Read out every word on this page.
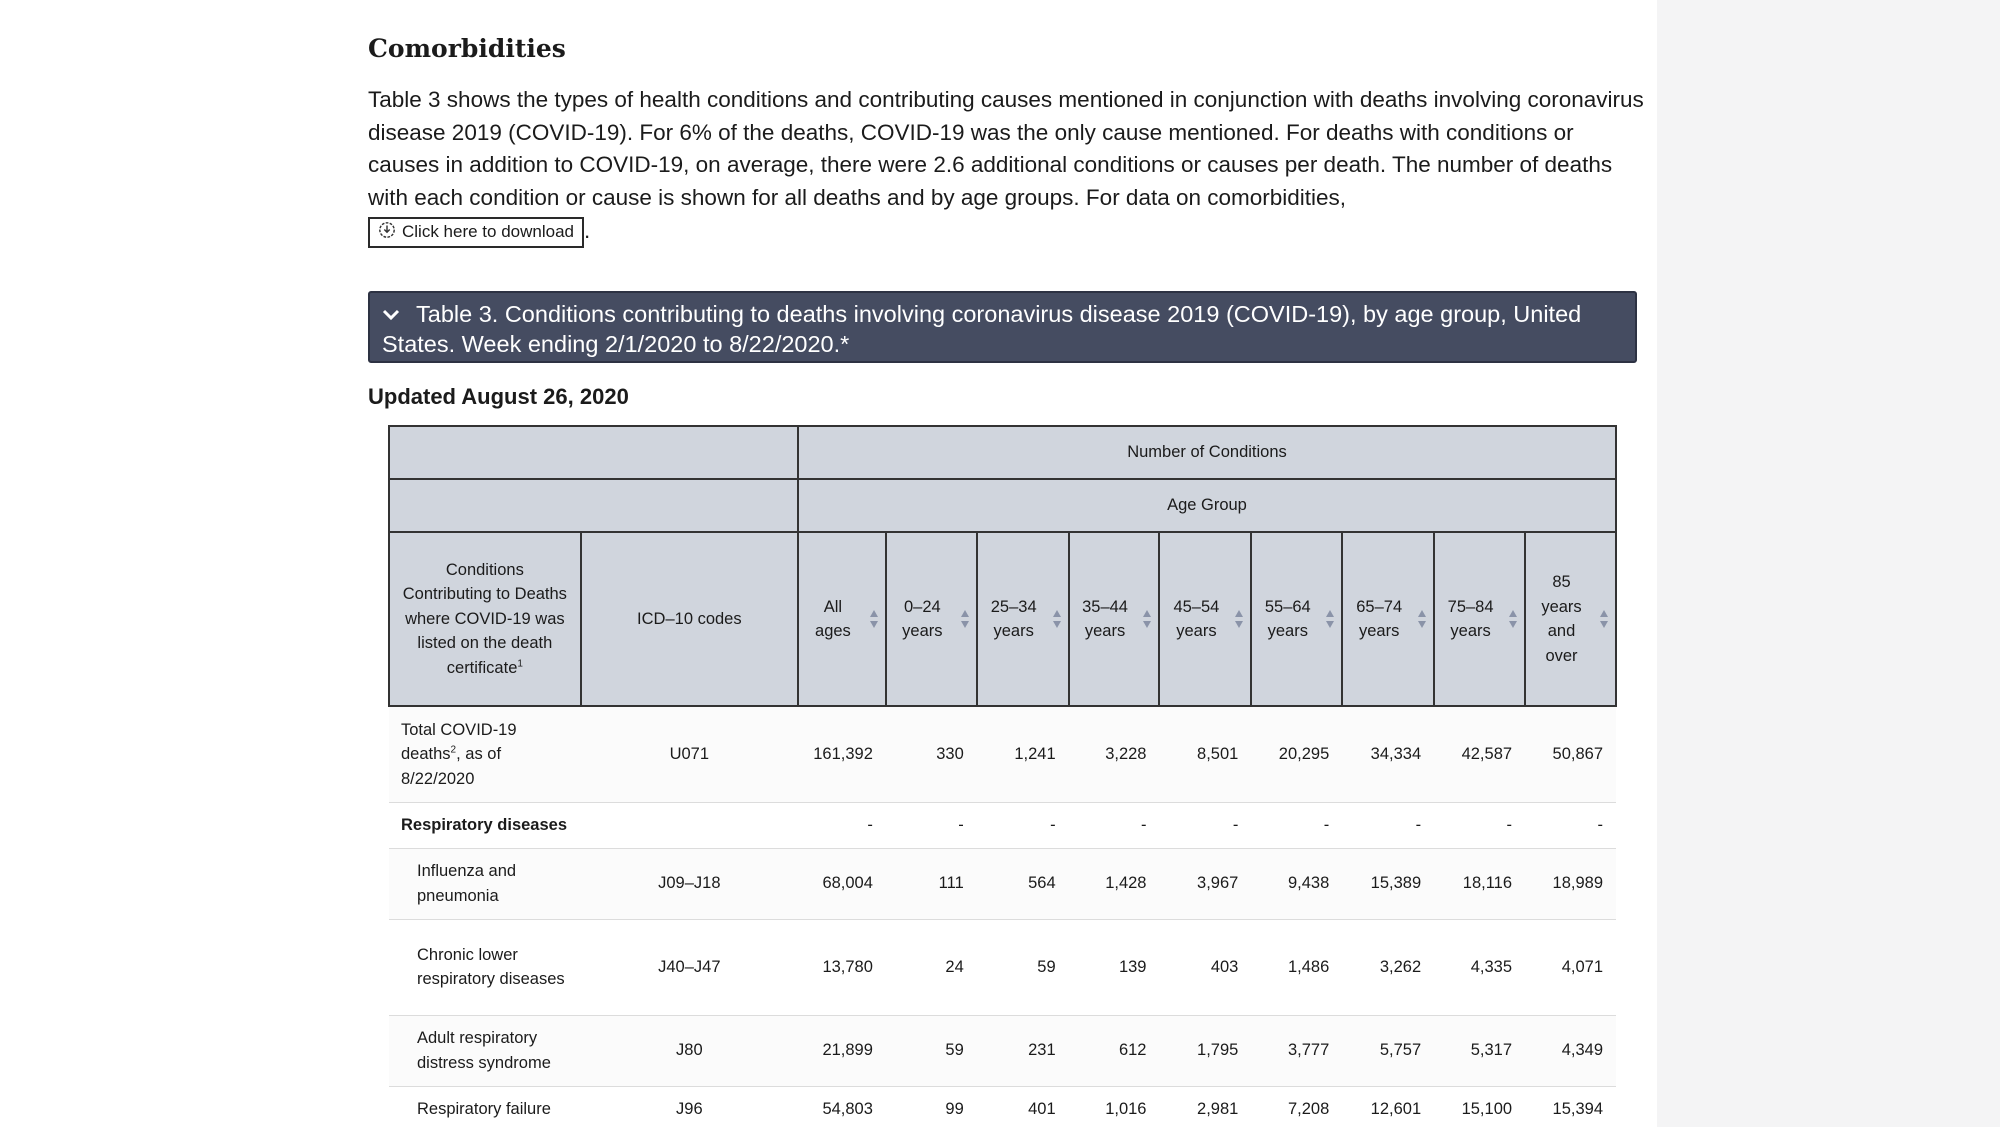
Comorbidities

Table 3 shows the types of health conditions and contributing causes mentioned in conjunction with deaths involving coronavirus disease 2019 (COVID-19). For 6% of the deaths, COVID-19 was the only cause mentioned. For deaths with conditions or causes in addition to COVID-19, on average, there were 2.6 additional conditions or causes per death. The number of deaths with each condition or cause is shown for all deaths and by age groups. For data on comorbidities,
Click here to download .

Table 3. Conditions contributing to deaths involving coronavirus disease 2019 (COVID-19), by age group, United States. Week ending 2/1/2020 to 8/22/2020.*
Updated August 26, 2020
		Number of Conditions								
		Age Group								
Conditions Contributing to Deaths where COVID-19 was listed on the death certificate$^1$	ICD–10 codes	All ages	0–24 years	25–34 years	35–44 years	45–54 years	55–64 years	65–74 years	75–84 years	85 years and over

Total COVID-19 deaths$^2$, as of 8/22/2020	U071	161,392	330	1,241	3,228	8,501	20,295	34,334	42,587	50,867
Respiratory diseases		-	-	-	-	-	-	-	-	-
Influenza and pneumonia	J09–J18	68,004	111	564	1,428	3,967	9,438	15,389	18,116	18,989
Chronic lower respiratory diseases	J40–J47	13,780	24	59	139	403	1,486	3,262	4,335	4,071
Adult respiratory distress syndrome	J80	21,899	59	231	612	1,795	3,777	5,757	5,317	4,349
Respiratory failure	J96	54,803	99	401	1,016	2,981	7,208	12,601	15,100	15,394
